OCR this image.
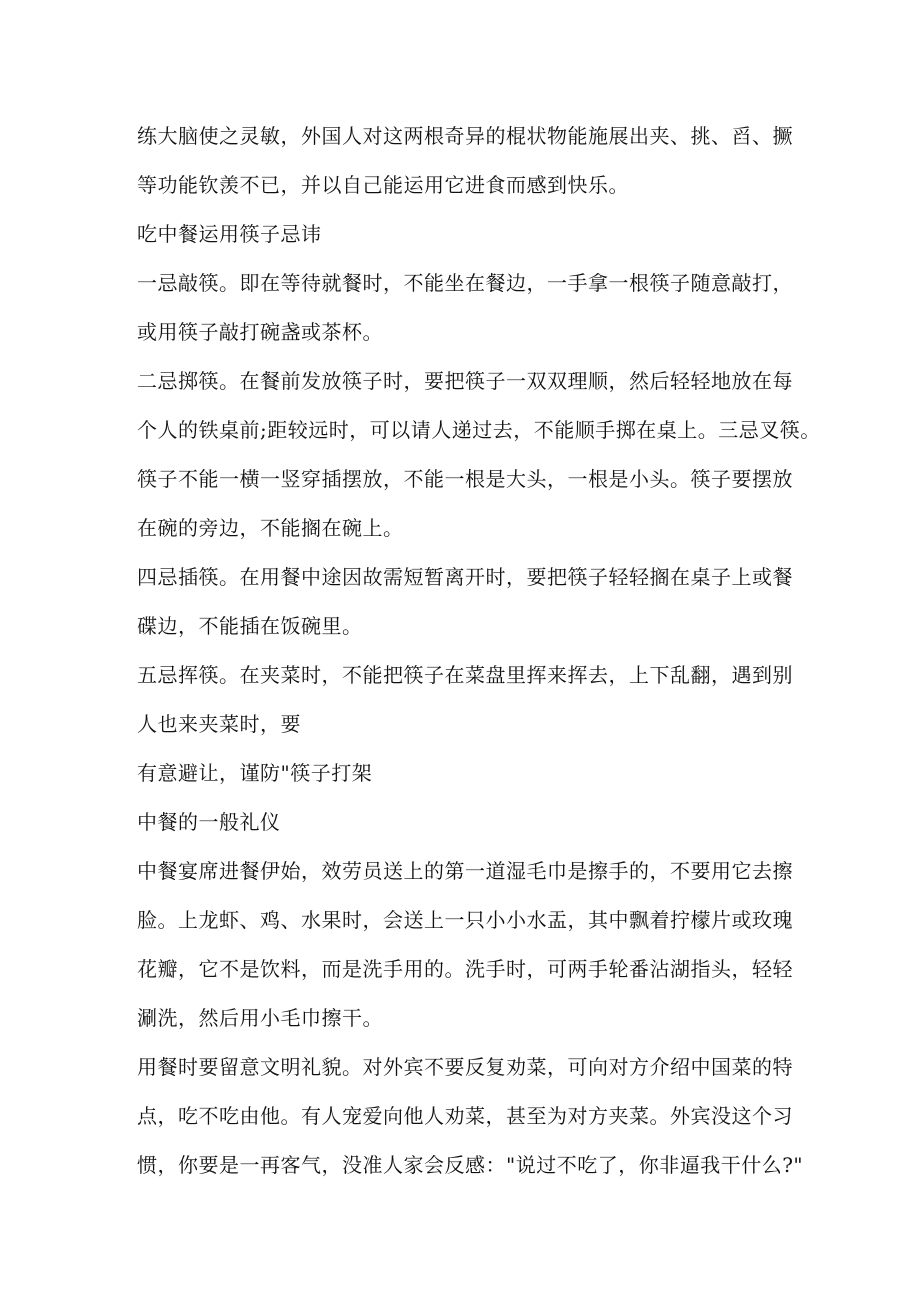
练大脑使之灵敏，外国人对这两根奇异的棍状物能施展出夹、挑、舀、撅
等功能钦羡不已，并以自己能运用它进食而感到快乐。
吃中餐运用筷子忌讳
一忌敲筷。即在等待就餐时，不能坐在餐边，一手拿一根筷子随意敲打，
或用筷子敲打碗盏或茶杯。
二忌掷筷。在餐前发放筷子时，要把筷子一双双理顺，然后轻轻地放在每
个人的铁桌前;距较远时，可以请人递过去，不能顺手掷在桌上。三忌叉筷。
筷子不能一横一竖穿插摆放，不能一根是大头，一根是小头。筷子要摆放
在碗的旁边，不能搁在碗上。
四忌插筷。在用餐中途因故需短暂离开时，要把筷子轻轻搁在桌子上或餐
碟边，不能插在饭碗里。
五忌挥筷。在夹菜时，不能把筷子在菜盘里挥来挥去，上下乱翻，遇到别
人也来夹菜时，要
有意避让，谨防"筷子打架
中餐的一般礼仪
中餐宴席进餐伊始，效劳员送上的第一道湿毛巾是擦手的，不要用它去擦
脸。上龙虾、鸡、水果时，会送上一只小小水盂，其中飘着拧檬片或玫瑰
花瓣，它不是饮料，而是洗手用的。洗手时，可两手轮番沾湖指头，轻轻
涮洗，然后用小毛巾擦干。
用餐时要留意文明礼貌。对外宾不要反复劝菜，可向对方介绍中国菜的特
点，吃不吃由他。有人宠爱向他人劝菜，甚至为对方夹菜。外宾没这个习
惯，你要是一再客气，没准人家会反感："说过不吃了，你非逼我干什么?"
